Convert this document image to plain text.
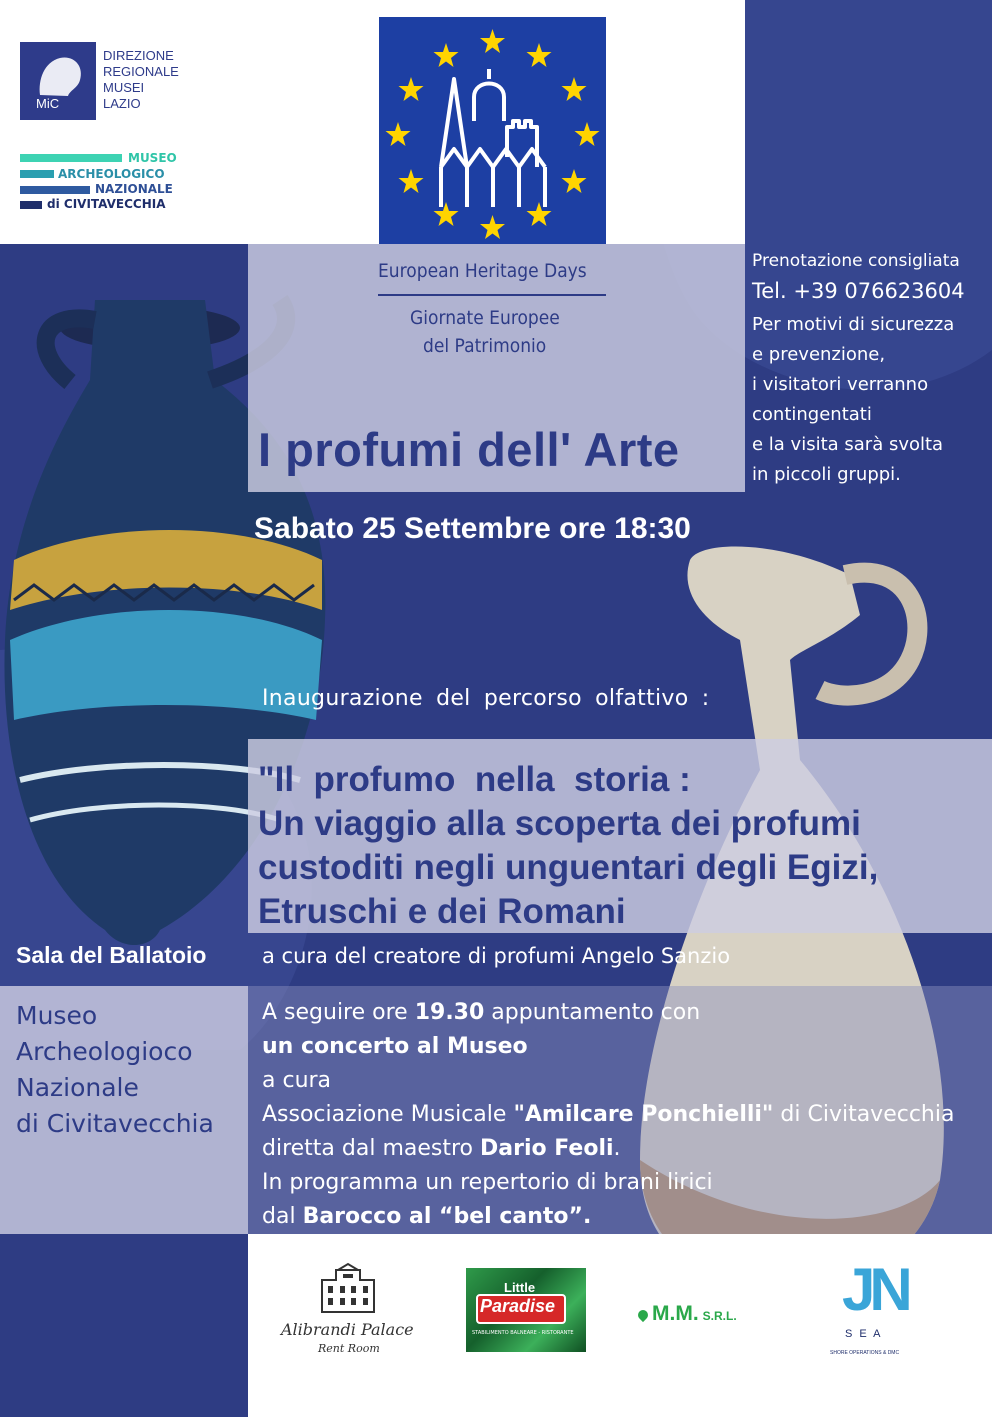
MiC
DIREZIONE
REGIONALE
MUSEI
LAZIO
MUSEO
ARCHEOLOGICO
NAZIONALE
di CIVITAVECCHIA
European Heritage Days
Giornate Europee
del Patrimonio
I profumi dell' Arte
Prenotazione consigliata
Tel. +39 076623604
Per motivi di sicurezza
e prevenzione,
i visitatori verranno
contingentati
e la visita sarà svolta
in piccoli gruppi.
Sabato 25 Settembre ore 18:30
Inaugurazione del percorso olfattivo :
"Il  profumo  nella  storia :
Un viaggio alla scoperta dei profumi
custoditi negli unguentari degli Egizi,
Etruschi e dei Romani
Sala del Ballatoio	a cura del creatore di profumi Angelo Sanzio
Museo
Archeologioco
Nazionale
di Civitavecchia
A seguire ore 19.30 appuntamento con
un concerto al Museo
a cura
Associazione Musicale "Amilcare Ponchielli" di Civitavecchia
diretta dal maestro Dario Feoli.
In programma un repertorio di brani lirici
dal Barocco al “bel canto”.
Alibrandi Palace
Rent Room
Little
Paradise
STABILIMENTO BALNEARE - RISTORANTE
M.M. S.R.L. JN
S E A
SHORE OPERATIONS & DMC
